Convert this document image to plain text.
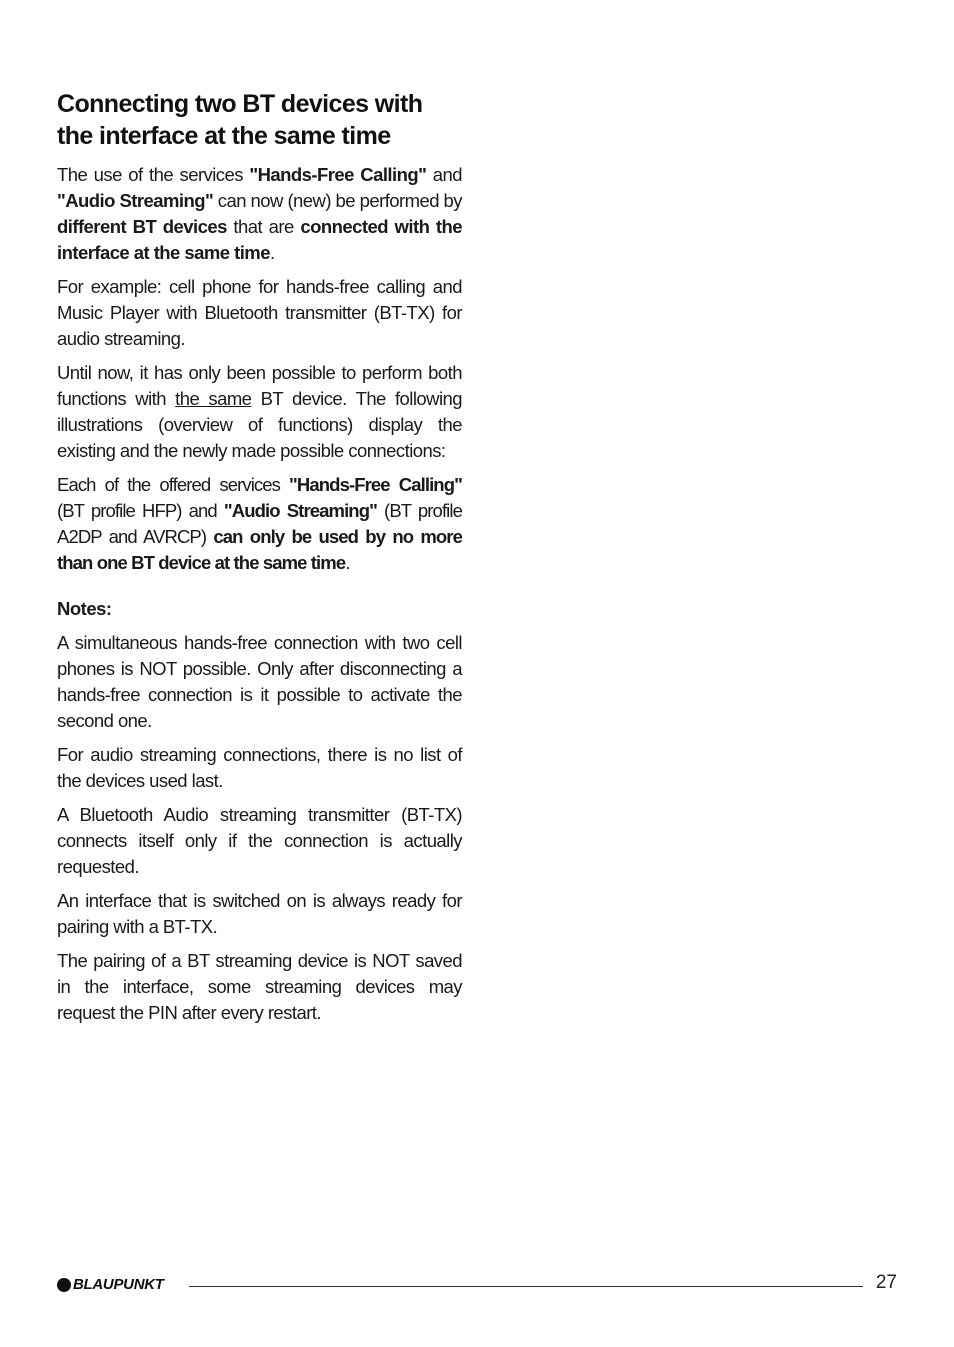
Connecting two BT devices with the interface at the same time

The use of the services "Hands-Free Calling" and "Audio Streaming" can now (new) be performed by different BT devices that are connected with the interface at the same time.

For example: cell phone for hands-free calling and Music Player with Bluetooth transmitter (BT-TX) for audio streaming.

Until now, it has only been possible to perform both functions with the same BT device. The following illustrations (overview of functions) display the existing and the newly made possible connections:

Each of the offered services "Hands-Free Calling" (BT profile HFP) and "Audio Streaming" (BT profile A2DP and AVRCP) can only be used by no more than one BT device at the same time.

Notes:

A simultaneous hands-free connection with two cell phones is NOT possible. Only after disconnecting a hands-free connection is it possible to activate the second one.

For audio streaming connections, there is no list of the devices used last.

A Bluetooth Audio streaming transmitter (BT-TX) connects itself only if the connection is actually requested.

An interface that is switched on is always ready for pairing with a BT-TX.

The pairing of a BT streaming device is NOT saved in the interface, some streaming devices may request the PIN after every restart.

BLAUPUNKT	27
